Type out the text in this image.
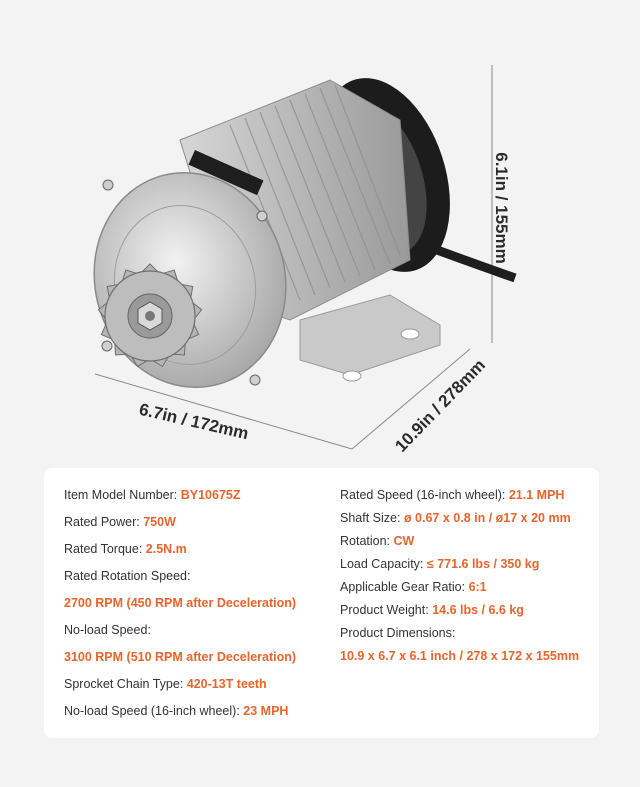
6.1in / 155mm
6.7in / 172mm	10.9in / 278mm
Item Model Number: BY10675Z
Rated Power: 750W
Rated Torque: 2.5N.m
Rated Rotation Speed:
2700 RPM (450 RPM after Deceleration)
No-load Speed:
3100 RPM (510 RPM after Deceleration)
Sprocket Chain Type: 420-13T teeth
No-load Speed (16-inch wheel): 23 MPH
Rated Speed (16-inch wheel): 21.1 MPH
Shaft Size: ø 0.67 x 0.8 in / ø17 x 20 mm
Rotation: CW
Load Capacity: ≤ 771.6 lbs / 350 kg
Applicable Gear Ratio: 6:1
Product Weight: 14.6 lbs / 6.6 kg
Product Dimensions:
10.9 x 6.7 x 6.1 inch / 278 x 172 x 155mm
